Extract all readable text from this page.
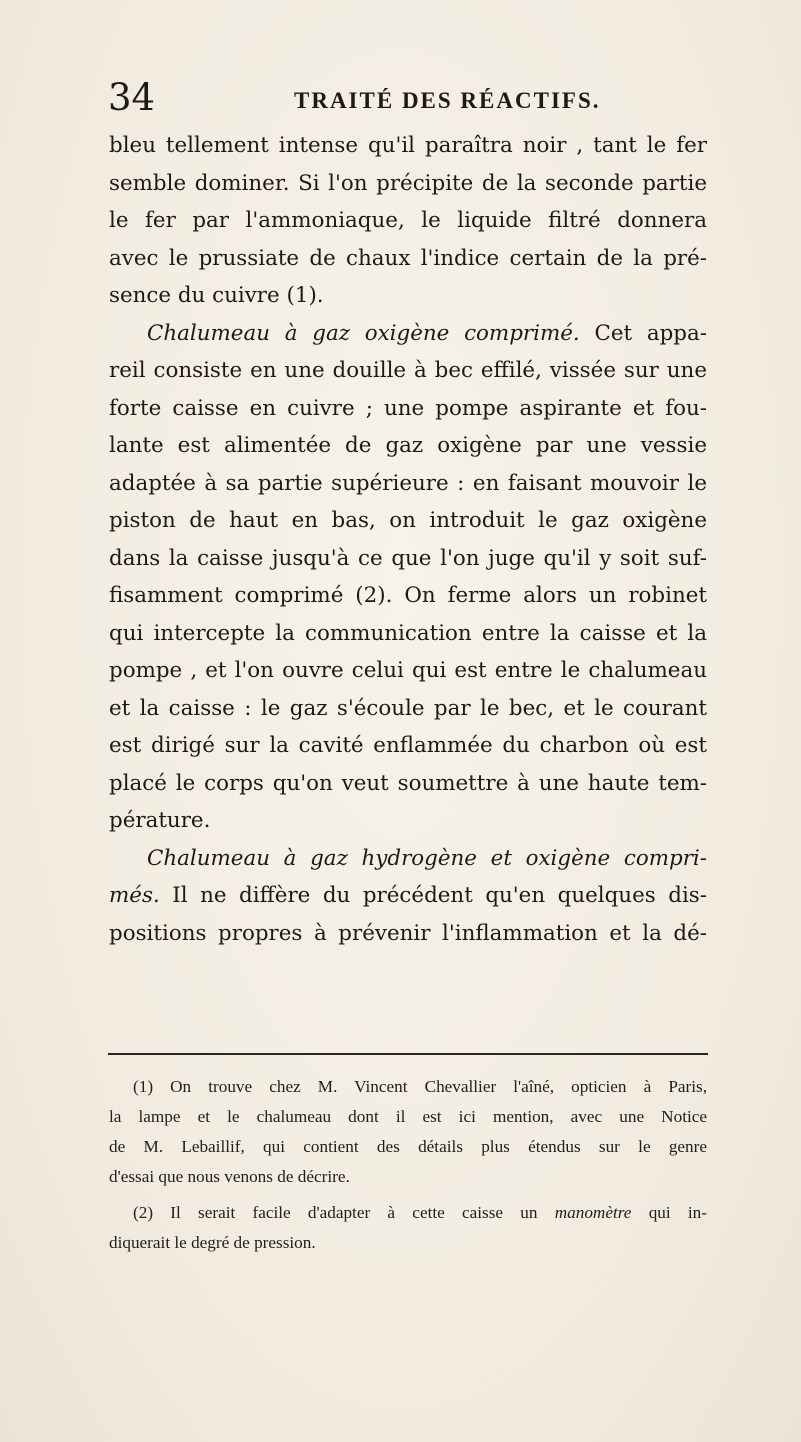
34	TRAITÉ DES RÉACTIFS.
bleu tellement intense qu'il paraîtra noir , tant le fer
semble dominer. Si l'on précipite de la seconde partie
le fer par l'ammoniaque, le liquide filtré donnera
avec le prussiate de chaux l'indice certain de la pré-
sence du cuivre (1).
Chalumeau à gaz oxigène comprimé. Cet appa-
reil consiste en une douille à bec effilé, vissée sur une
forte caisse en cuivre ; une pompe aspirante et fou-
lante est alimentée de gaz oxigène par une vessie
adaptée à sa partie supérieure : en faisant mouvoir le
piston de haut en bas, on introduit le gaz oxigène
dans la caisse jusqu'à ce que l'on juge qu'il y soit suf-
fisamment comprimé (2). On ferme alors un robinet
qui intercepte la communication entre la caisse et la
pompe , et l'on ouvre celui qui est entre le chalumeau
et la caisse : le gaz s'écoule par le bec, et le courant
est dirigé sur la cavité enflammée du charbon où est
placé le corps qu'on veut soumettre à une haute tem-
pérature.
Chalumeau à gaz hydrogène et oxigène compri-
més. Il ne diffère du précédent qu'en quelques dis-
positions propres à prévenir l'inflammation et la dé-
(1) On trouve chez M. Vincent Chevallier l'aîné, opticien à Paris,
la lampe et le chalumeau dont il est ici mention, avec une Notice
de M. Lebaillif, qui contient des détails plus étendus sur le genre
d'essai que nous venons de décrire.
(2) Il serait facile d'adapter à cette caisse un manomètre qui in-
diquerait le degré de pression.
